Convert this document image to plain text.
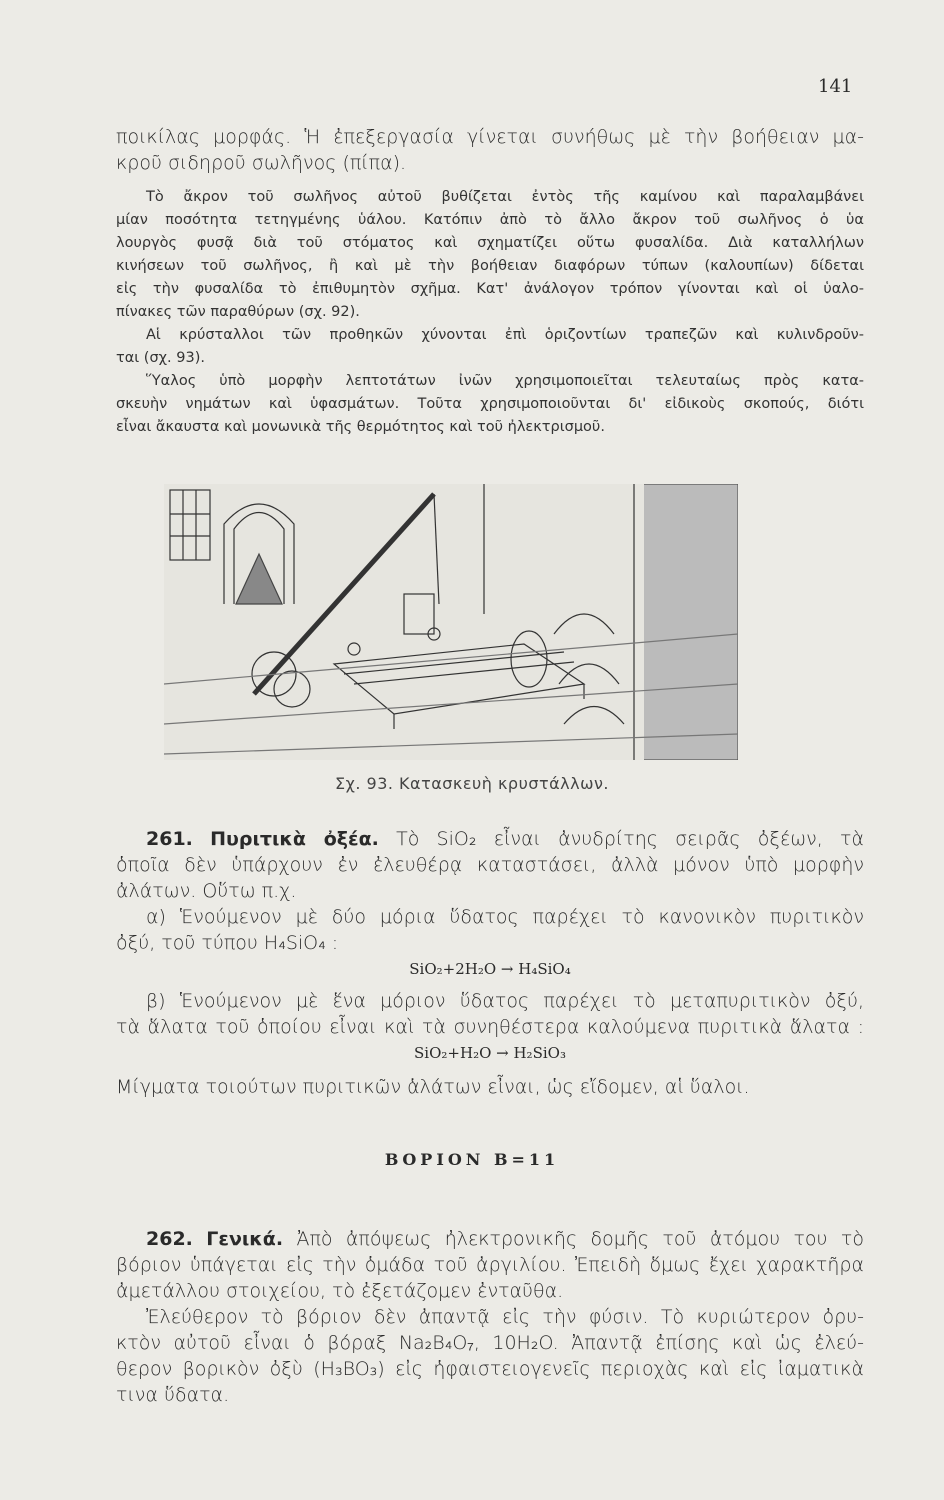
141
ποικίλας μορφάς. Ἡ ἐπεξεργασία γίνεται συνήθως μὲ τὴν βοήθειαν μα-
κροῦ σιδηροῦ σωλῆνος (πίπα).
Τὸ ἄκρον τοῦ σωλῆνος αὐτοῦ βυθίζεται ἐντὸς τῆς καμίνου καὶ παραλαμβάνει
μίαν ποσότητα τετηγμένης ὑάλου. Κατόπιν ἀπὸ τὸ ἄλλο ἄκρον τοῦ σωλῆνος ὁ ὑα
λουργὸς φυσᾷ διὰ τοῦ στόματος καὶ σχηματίζει οὕτω φυσαλίδα. Διὰ καταλλήλων
κινήσεων τοῦ σωλῆνος, ἢ καὶ μὲ τὴν βοήθειαν διαφόρων τύπων (καλουπίων) δίδεται
εἰς τὴν φυσαλίδα τὸ ἐπιθυμητὸν σχῆμα. Κατ' ἀνάλογον τρόπον γίνονται καὶ οἱ ὑαλο-
πίνακες τῶν παραθύρων (σχ. 92).
Αἱ κρύσταλλοι τῶν προθηκῶν χύνονται ἐπὶ ὁριζοντίων τραπεζῶν καὶ κυλινδροῦν-
ται (σχ. 93).
Ὕαλος ὑπὸ μορφὴν λεπτοτάτων ἰνῶν χρησιμοποιεῖται τελευταίως πρὸς κατα-
σκευὴν νημάτων καὶ ὑφασμάτων. Τοῦτα χρησιμοποιοῦνται δι' εἰδικοὺς σκοπούς, διότι
εἶναι ἄκαυστα καὶ μονωνικὰ τῆς θερμότητος καὶ τοῦ ἠλεκτρισμοῦ.
Σχ. 93. Κατασκευὴ κρυστάλλων.
261. Πυριτικὰ ὀξέα. Τὸ SiO₂ εἶναι ἀνυδρίτης σειρᾶς ὀξέων, τὰ
ὁποῖα δὲν ὑπάρχουν ἐν ἐλευθέρᾳ καταστάσει, ἀλλὰ μόνον ὑπὸ μορφὴν
ἀλάτων. Οὕτω π.χ.
α) Ἑνούμενον μὲ δύο μόρια ὕδατος παρέχει τὸ κανονικὸν πυριτικὸν
ὀξύ, τοῦ τύπου H₄SiO₄ :
SiO₂+2H₂O → H₄SiO₄
β) Ἑνούμενον μὲ ἕνα μόριον ὕδατος παρέχει τὸ μεταπυριτικὸν ὀξύ,
τὰ ἅλατα τοῦ ὁποίου εἶναι καὶ τὰ συνηθέστερα καλούμενα πυριτικὰ ἅλατα :
SiO₂+H₂O → H₂SiO₃
Μίγματα τοιούτων πυριτικῶν ἁλάτων εἶναι, ὡς εἴδομεν, αἱ ὕαλοι.
ΒΟΡΙΟΝ Β=11
262. Γενικά. Ἀπὸ ἀπόψεως ἠλεκτρονικῆς δομῆς τοῦ ἀτόμου του τὸ
βόριον ὑπάγεται εἰς τὴν ὁμάδα τοῦ ἀργιλίου. Ἐπειδὴ ὅμως ἔχει χαρακτῆρα
ἀμετάλλου στοιχείου, τὸ ἐξετάζομεν ἐνταῦθα.
Ἐλεύθερον τὸ βόριον δὲν ἀπαντᾷ εἰς τὴν φύσιν. Τὸ κυριώτερον ὀρυ-
κτὸν αὐτοῦ εἶναι ὁ βόραξ Na₂B₄O₇, 10H₂O. Ἀπαντᾷ ἐπίσης καὶ ὡς ἐλεύ-
θερον βορικὸν ὀξὺ (H₃BO₃) εἰς ἡφαιστειογενεῖς περιοχὰς καὶ εἰς ἰαματικὰ
τινα ὕδατα.
